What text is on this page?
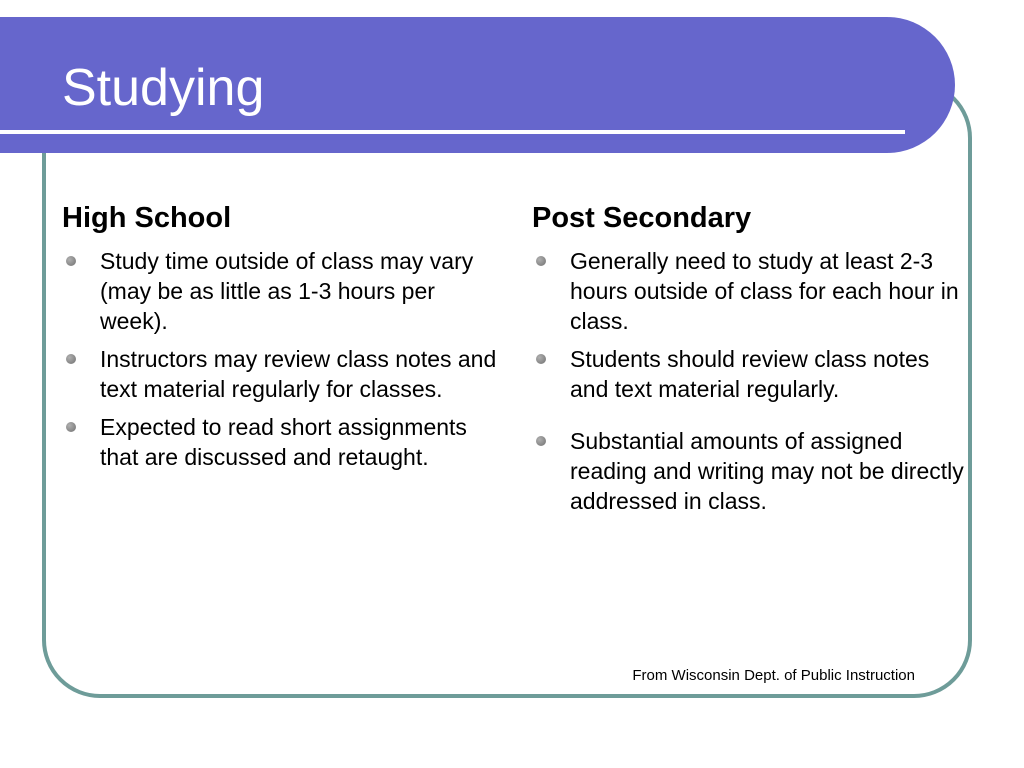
Studying
High School
Study time outside of class may vary (may be as little as 1-3 hours per week).
Instructors may review class notes and text material regularly for classes.
Expected to read short assignments that are discussed and retaught.
Post Secondary
Generally need to study at least 2-3 hours outside of class for each hour in class.
Students should review class notes and text material regularly.
Substantial amounts of assigned reading and writing may not be directly addressed in class.
From Wisconsin Dept. of Public Instruction
